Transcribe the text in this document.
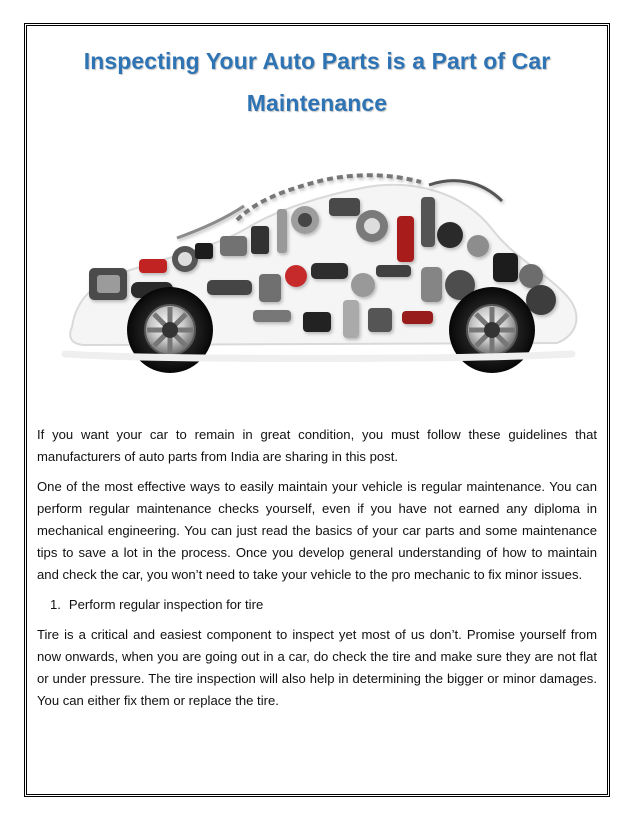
Inspecting Your Auto Parts is a Part of Car Maintenance

If you want your car to remain in great condition, you must follow these guidelines that manufacturers of auto parts from India are sharing in this post.

One of the most effective ways to easily maintain your vehicle is regular maintenance. You can perform regular maintenance checks yourself, even if you have not earned any diploma in mechanical engineering. You can just read the basics of your car parts and some maintenance tips to save a lot in the process. Once you develop general understanding of how to maintain and check the car, you won’t need to take your vehicle to the pro mechanic to fix minor issues.

1. Perform regular inspection for tire

Tire is a critical and easiest component to inspect yet most of us don’t. Promise yourself from now onwards, when you are going out in a car, do check the tire and make sure they are not flat or under pressure. The tire inspection will also help in determining the bigger or minor damages. You can either fix them or replace the tire.
